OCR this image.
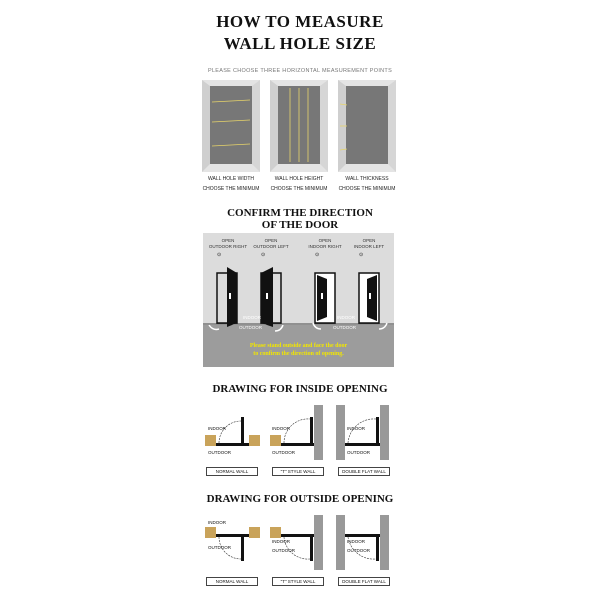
HOW TO MEASURE
WALL HOLE SIZE
PLEASE CHOOSE THREE HORIZONTAL MEASUREMENT POINTS
WALL HOLE WIDTH
CHOOSE THE MINIMUM
WALL HOLE HEIGHT
CHOOSE THE MINIMUM
WALL THICKNESS
CHOOSE THE MINIMUM
CONFIRM THE DIRECTION
OF THE DOOR
OPEN
OUTDOOR RIGHT
OPEN
OUTDOOR LEFT
OPEN
INDOOR RIGHT
OPEN
INDOOR LEFT
⊙	⊙	⊙	⊙
INDOOR
OUTDOOR
INDOOR
OUTDOOR
Please stand outside and face the door
to confirm the direction of opening.
DRAWING FOR INSIDE OPENING
INDOOR
OUTDOOR
INDOOR
OUTDOOR
INDOOR
OUTDOOR
NORMAL WALL	"T" STYLE WALL	DOUBLE FLAT WALL
DRAWING FOR OUTSIDE OPENING
INDOOR
OUTDOOR
INDOOR
OUTDOOR
INDOOR
OUTDOOR
NORMAL WALL	"T" STYLE WALL	DOUBLE FLAT WALL
